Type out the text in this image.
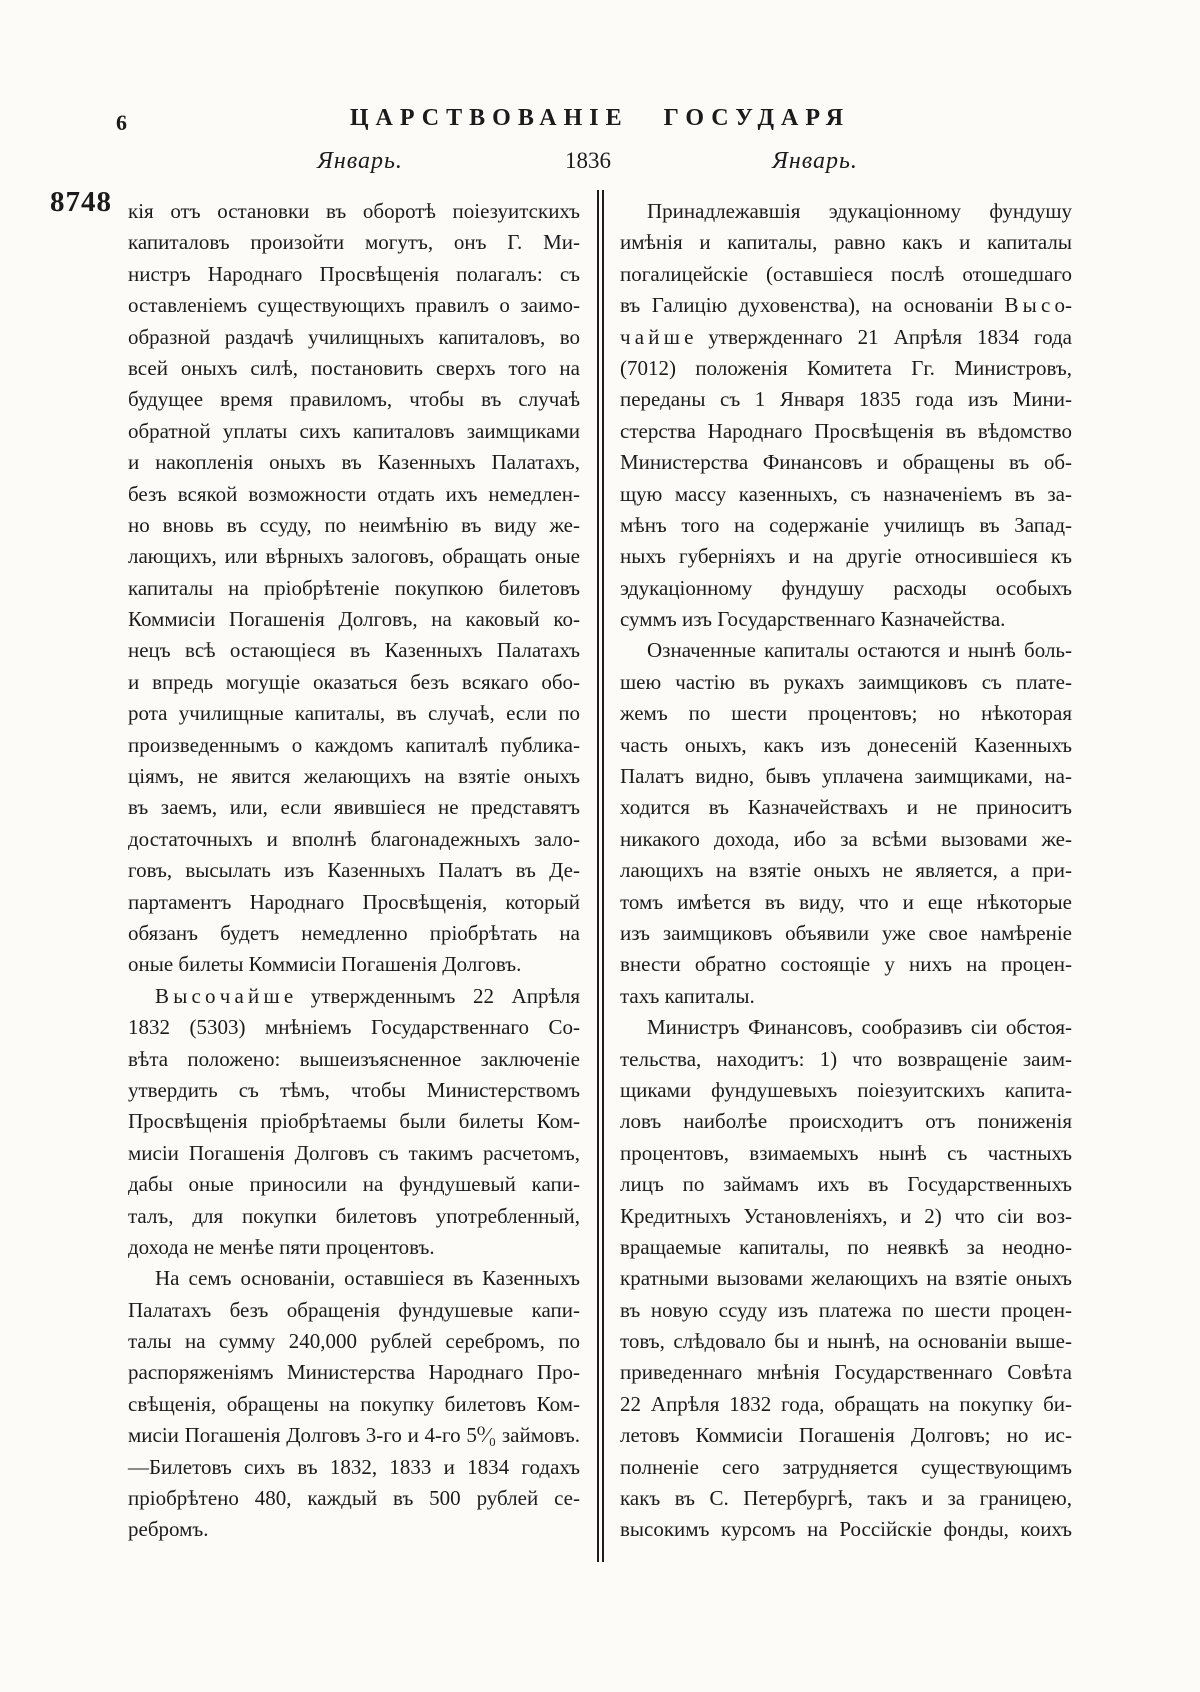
6	ЦАРСТВОВАНІЕ ГОСУДАРЯ
Январь.	1836	Январь.
8748 кія отъ остановки въ оборотѣ поіезуитскихъ
капиталовъ произойти могутъ, онъ Г. Ми-
нистръ Народнаго Просвѣщенія полагалъ: съ
оставленіемъ существующихъ правилъ о заимо-
образной раздачѣ училищныхъ капиталовъ, во
всей оныхъ силѣ, постановить сверхъ того на
будущее время правиломъ, чтобы въ случаѣ
обратной уплаты сихъ капиталовъ заимщиками
и накопленія оныхъ въ Казенныхъ Палатахъ,
безъ всякой возможности отдать ихъ немедлен-
но вновь въ ссуду, по неимѣнію въ виду же-
лающихъ, или вѣрныхъ залоговъ, обращать оные
капиталы на пріобрѣтеніе покупкою билетовъ
Коммисіи Погашенія Долговъ, на каковый ко-
нецъ всѣ остающіеся въ Казенныхъ Палатахъ
и впредь могущіе оказаться безъ всякаго обо-
рота училищные капиталы, въ случаѣ, если по
произведеннымъ о каждомъ капиталѣ публика-
ціямъ, не явится желающихъ на взятіе оныхъ
въ заемъ, или, если явившіеся не представятъ
достаточныхъ и вполнѣ благонадежныхъ зало-
говъ, высылать изъ Казенныхъ Палатъ въ Де-
партаментъ Народнаго Просвѣщенія, который
обязанъ будетъ немедленно пріобрѣтать на
оные билеты Коммисіи Погашенія Долговъ.
В ы с о ч а й ш е утвержденнымъ 22 Апрѣля
1832 (5303) мнѣніемъ Государственнаго Со-
вѣта положено: вышеизъясненное заключеніе
утвердить съ тѣмъ, чтобы Министерствомъ
Просвѣщенія пріобрѣтаемы были билеты Ком-
мисіи Погашенія Долговъ съ такимъ расчетомъ,
дабы оные приносили на фундушевый капи-
талъ, для покупки билетовъ употребленный,
дохода не менѣе пяти процентовъ.
На семъ основаніи, оставшіеся въ Казенныхъ
Палатахъ безъ обращенія фундушевые капи-
талы на сумму 240,000 рублей серебромъ, по
распоряженіямъ Министерства Народнаго Про-
свѣщенія, обращены на покупку билетовъ Ком-
мисіи Погашенія Долговъ 3-го и 4-го 5⁰⁄₀ займовъ.
—Билетовъ сихъ въ 1832, 1833 и 1834 годахъ
пріобрѣтено 480, каждый въ 500 рублей се-
ребромъ.
Принадлежавшія эдукаціонному фундушу
имѣнія и капиталы, равно какъ и капиталы
погалицейскіе (оставшіеся послѣ отошедшаго
въ Галицію духовенства), на основаніи В ы с о-
ч а й ш е утвержденнаго 21 Апрѣля 1834 года
(7012) положенія Комитета Гг. Министровъ,
переданы съ 1 Января 1835 года изъ Мини-
стерства Народнаго Просвѣщенія въ вѣдомство
Министерства Финансовъ и обращены въ об-
щую массу казенныхъ, съ назначеніемъ въ за-
мѣнъ того на содержаніе училищъ въ Запад-
ныхъ губерніяхъ и на другіе относившіеся къ
эдукаціонному фундушу расходы особыхъ
суммъ изъ Государственнаго Казначейства.
Означенные капиталы остаются и нынѣ боль-
шею частію въ рукахъ заимщиковъ съ плате-
жемъ по шести процентовъ; но нѣкоторая
часть оныхъ, какъ изъ донесеній Казенныхъ
Палатъ видно, бывъ уплачена заимщиками, на-
ходится въ Казначействахъ и не приноситъ
никакого дохода, ибо за всѣми вызовами же-
лающихъ на взятіе оныхъ не является, а при-
томъ имѣется въ виду, что и еще нѣкоторые
изъ заимщиковъ объявили уже свое намѣреніе
внести обратно состоящіе у нихъ на процен-
тахъ капиталы.
Министръ Финансовъ, сообразивъ сіи обстоя-
тельства, находитъ: 1) что возвращеніе заим-
щиками фундушевыхъ поіезуитскихъ капита-
ловъ наиболѣе происходитъ отъ пониженія
процентовъ, взимаемыхъ нынѣ съ частныхъ
лицъ по займамъ ихъ въ Государственныхъ
Кредитныхъ Установленіяхъ, и 2) что сіи воз-
вращаемые капиталы, по неявкѣ за неодно-
кратными вызовами желающихъ на взятіе оныхъ
въ новую ссуду изъ платежа по шести процен-
товъ, слѣдовало бы и нынѣ, на основаніи выше-
приведеннаго мнѣнія Государственнаго Совѣта
22 Апрѣля 1832 года, обращать на покупку би-
летовъ Коммисіи Погашенія Долговъ; но ис-
полненіе сего затрудняется существующимъ
какъ въ С. Петербургѣ, такъ и за границею,
высокимъ курсомъ на Россійскіе фонды, коихъ
